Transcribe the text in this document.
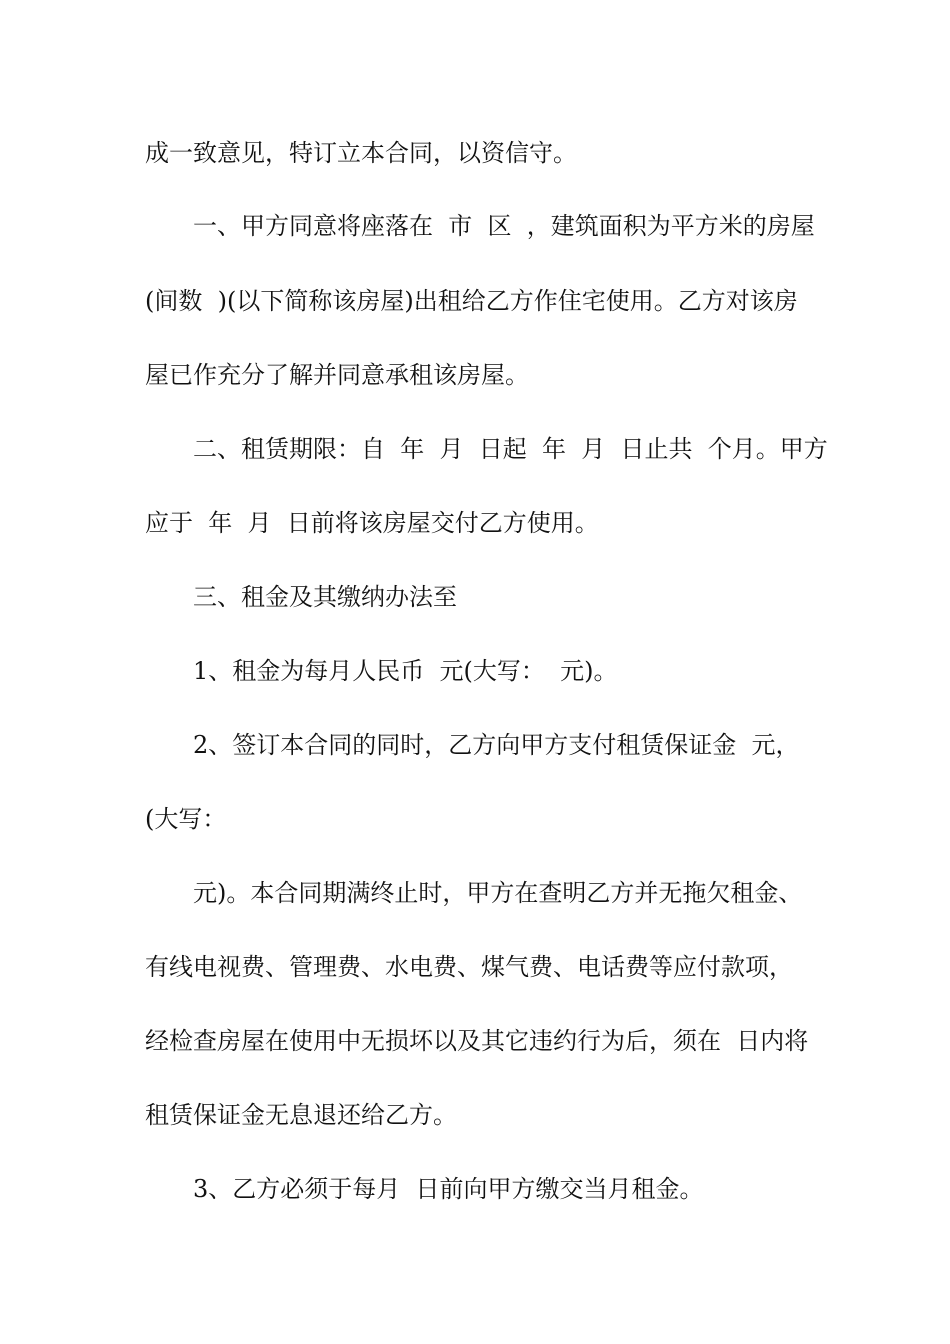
成一致意见，特订立本合同，以资信守。
一、甲方同意将座落在  市  区  ，建筑面积为平方米的房屋
(间数  )(以下简称该房屋)出租给乙方作住宅使用。乙方对该房
屋已作充分了解并同意承租该房屋。
二、租赁期限：自  年  月  日起  年  月  日止共  个月。甲方
应于  年  月  日前将该房屋交付乙方使用。
三、租金及其缴纳办法至
1、租金为每月人民币  元(大写：  元)。
2、签订本合同的同时，乙方向甲方支付租赁保证金  元，
(大写：
元)。本合同期满终止时，甲方在查明乙方并无拖欠租金、
有线电视费、管理费、水电费、煤气费、电话费等应付款项，
经检查房屋在使用中无损坏以及其它违约行为后，须在  日内将
租赁保证金无息退还给乙方。
3、乙方必须于每月  日前向甲方缴交当月租金。
